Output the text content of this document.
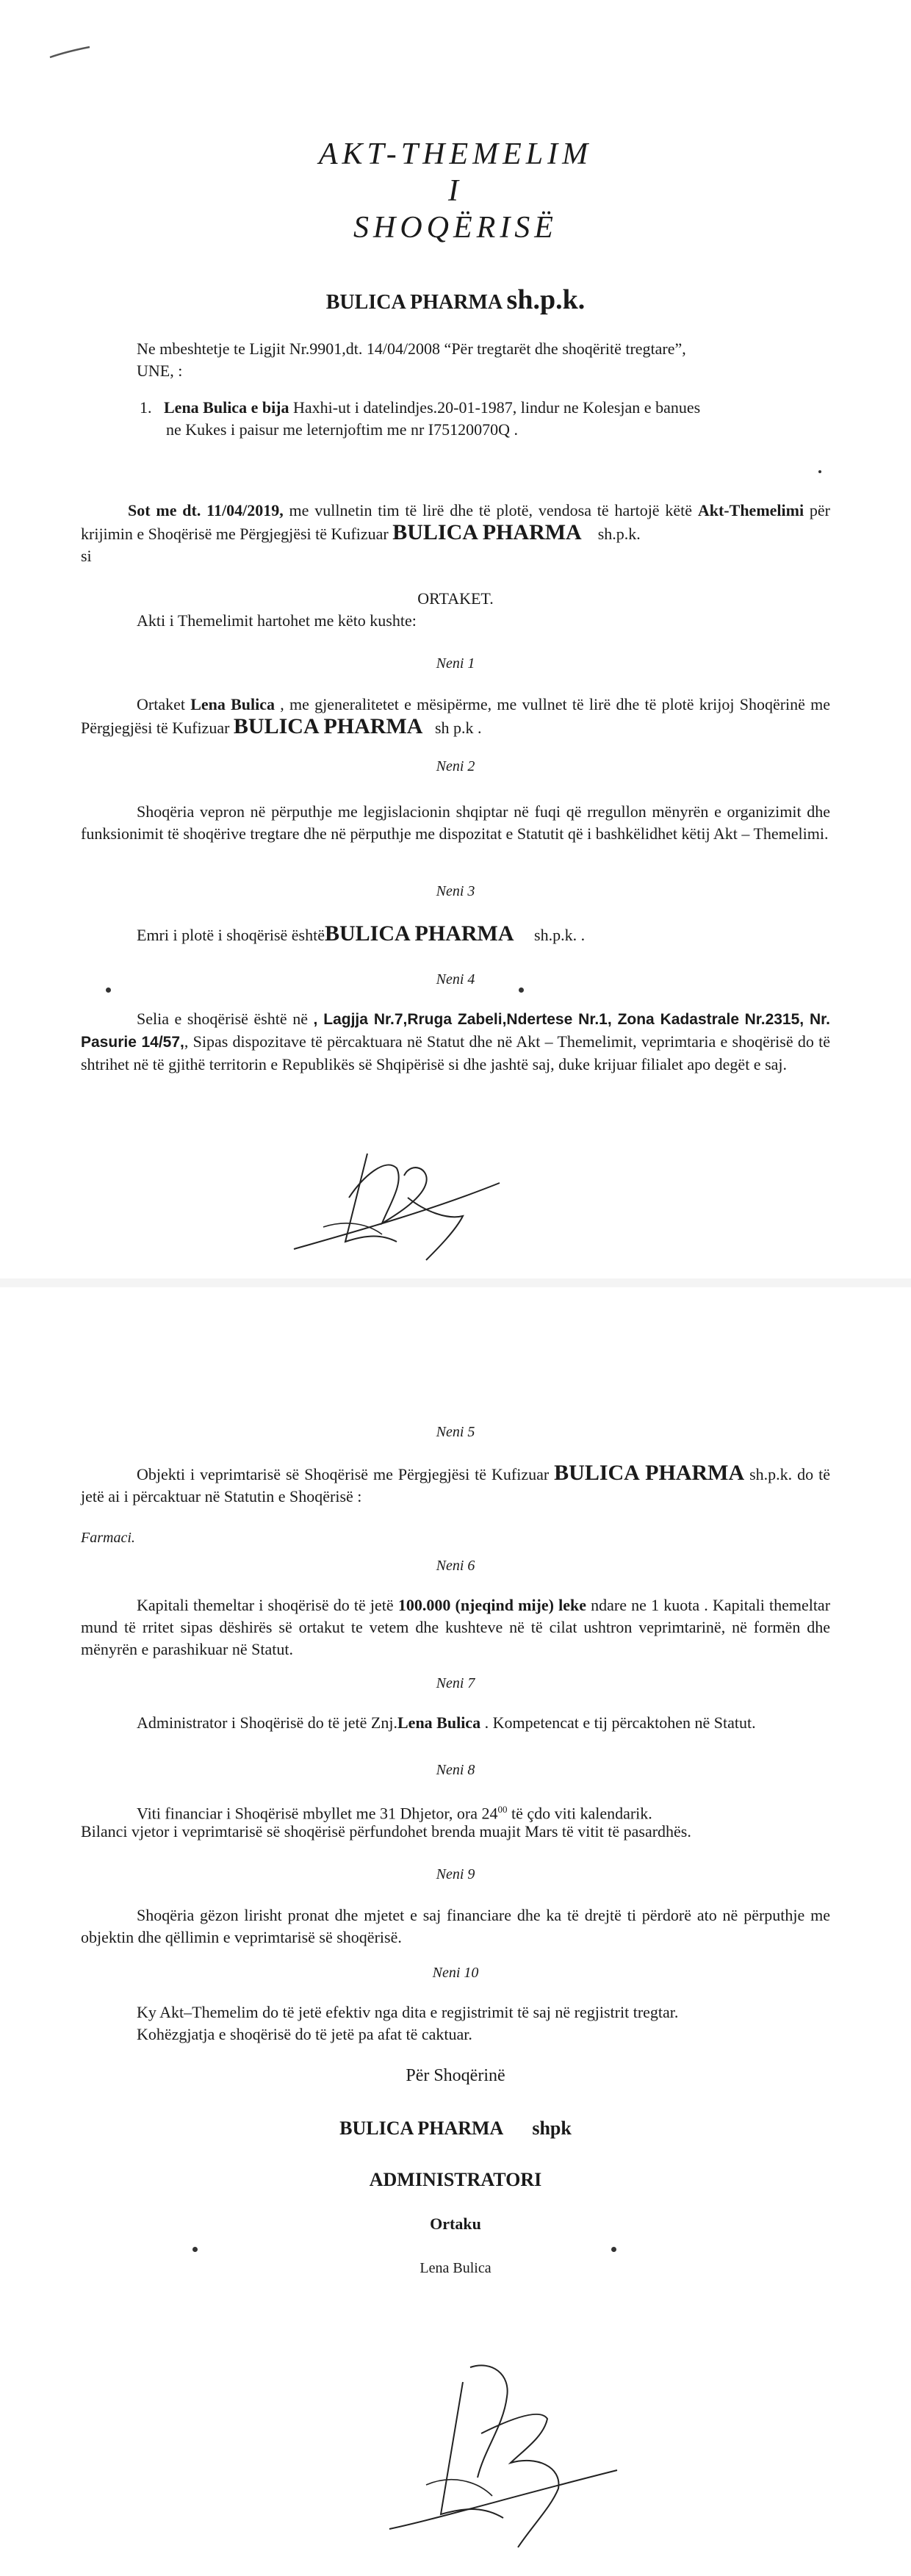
AKT-THEMELIM

I

SHOQËRISË

BULICA PHARMA sh.p.k.

Ne mbeshtetje te Ligjit Nr.9901,dt. 14/04/2008 “Për tregtarët dhe shoqëritë tregtare”,

UNE, :

1. Lena Bulica e bija Haxhi-ut i datelindjes.20-01-1987, lindur ne Kolesjan e banues

ne Kukes i paisur me leternjoftim me nr I75120070Q .

Sot me dt. 11/04/2019, me vullnetin tim të lirë dhe të plotë, vendosa të hartojë këtë Akt-Themelimi për krijimin e Shoqërisë me Përgjegjësi të Kufizuar BULICA PHARMA sh.p.k.
si

ORTAKET.

Akti i Themelimit hartohet me këto kushte:

Neni 1

Ortaket Lena Bulica , me gjeneralitetet e mësipërme, me vullnet të lirë dhe të plotë krijoj Shoqërinë me Përgjegjësi të Kufizuar BULICA PHARMA sh p.k .

Neni 2

Shoqëria vepron në përputhje me legjislacionin shqiptar në fuqi që rregullon mënyrën e organizimit dhe funksionimit të shoqërive tregtare dhe në përputhje me dispozitat e Statutit që i bashkëlidhet këtij Akt – Themelimi.

Neni 3

Emri i plotë i shoqërisë ështëBULICA PHARMA sh.p.k. .

Neni 4

Selia e shoqërisë është në , Lagjja Nr.7,Rruga Zabeli,Ndertese Nr.1, Zona Kadastrale Nr.2315, Nr. Pasurie 14/57,, Sipas dispozitave të përcaktuara në Statut dhe në Akt – Themelimit, veprimtaria e shoqërisë do të shtrihet në të gjithë territorin e Republikës së Shqipërisë si dhe jashtë saj, duke krijuar filialet apo degët e saj.

Neni 5

Objekti i veprimtarisë së Shoqërisë me Përgjegjësi të Kufizuar BULICA PHARMA sh.p.k. do të jetë ai i përcaktuar në Statutin e Shoqërisë :

Farmaci.

Neni 6

Kapitali themeltar i shoqërisë do të jetë 100.000 (njeqind mije) leke ndare ne 1 kuota . Kapitali themeltar mund të rritet sipas dëshirës së ortakut te vetem dhe kushteve në të cilat ushtron veprimtarinë, në formën dhe mënyrën e parashikuar në Statut.

Neni 7

Administrator i Shoqërisë do të jetë Znj.Lena Bulica . Kompetencat e tij përcaktohen në Statut.

Neni 8

Viti financiar i Shoqërisë mbyllet me 31 Dhjetor, ora $24^{00}$ të çdo viti kalendarik.

Bilanci vjetor i veprimtarisë së shoqërisë përfundohet brenda muajit Mars të vitit të pasardhës.

Neni 9

Shoqëria gëzon lirisht pronat dhe mjetet e saj financiare dhe ka të drejtë ti përdorë ato në përputhje me objektin dhe qëllimin e veprimtarisë së shoqërisë.

Neni 10

Ky Akt–Themelim do të jetë efektiv nga dita e regjistrimit të saj në regjistrit tregtar.

Kohëzgjatja e shoqërisë do të jetë pa afat të caktuar.

Për Shoqërinë

BULICA PHARMA shpk

ADMINISTRATORI

Ortaku

Lena Bulica
